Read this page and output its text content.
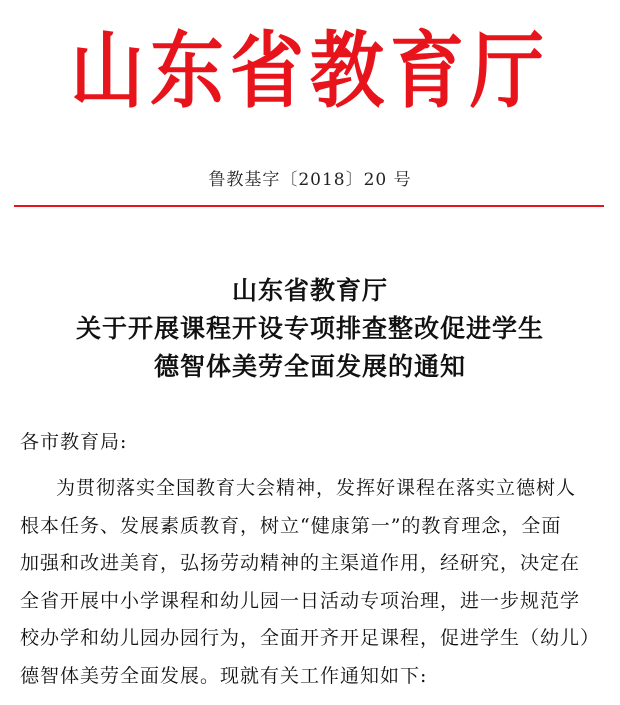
山东省教育厅
鲁教基字〔2018〕20 号
山东省教育厅
关于开展课程开设专项排查整改促进学生
德智体美劳全面发展的通知
各市教育局:
为贯彻落实全国教育大会精神，发挥好课程在落实立德树人
根本任务、发展素质教育，树立“健康第一”的教育理念，全面
加强和改进美育，弘扬劳动精神的主渠道作用，经研究，决定在
全省开展中小学课程和幼儿园一日活动专项治理，进一步规范学
校办学和幼儿园办园行为，全面开齐开足课程，促进学生（幼儿）
德智体美劳全面发展。现就有关工作通知如下:
